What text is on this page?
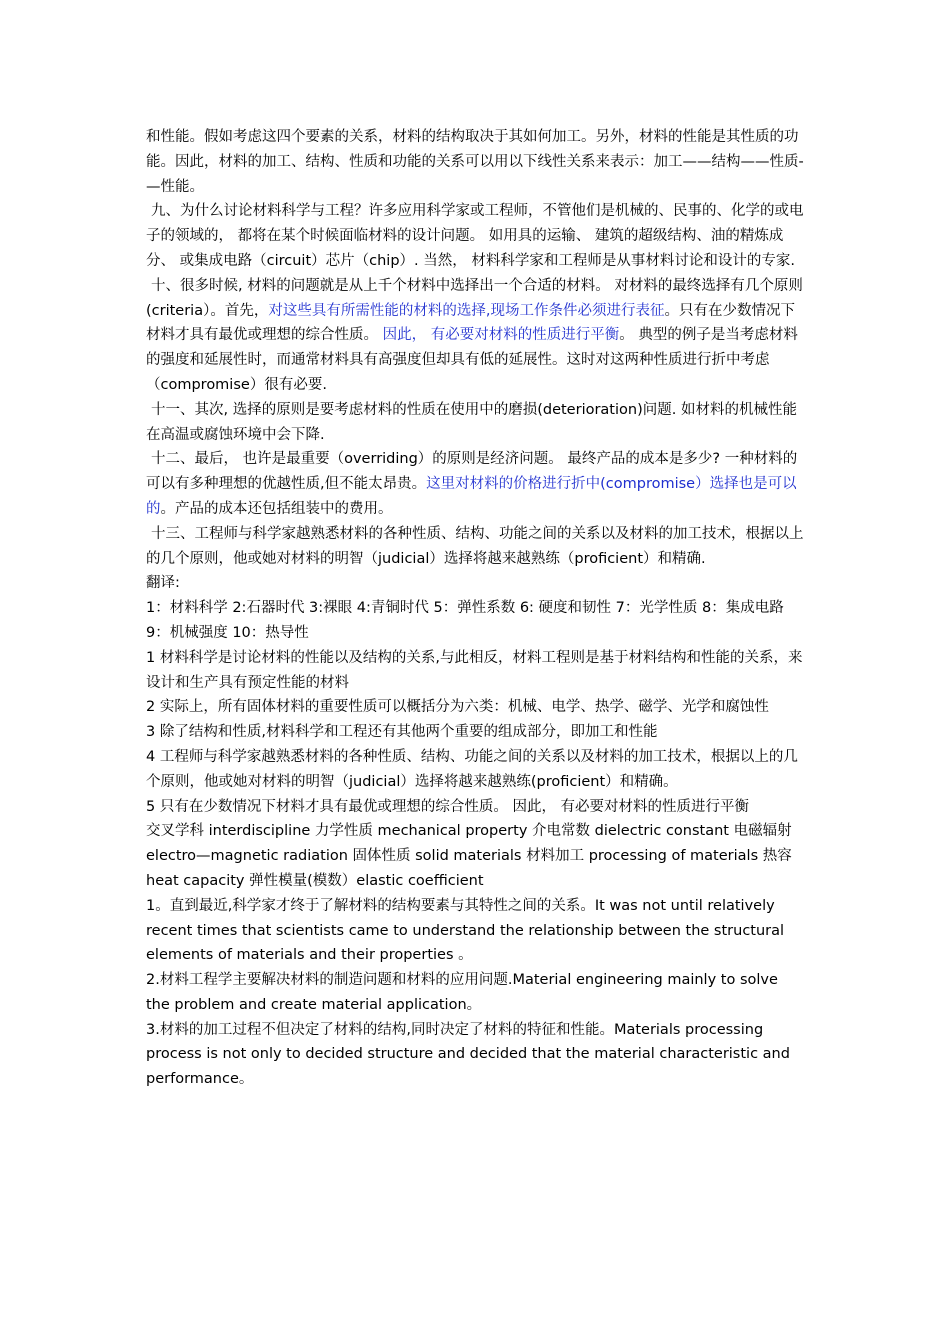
和性能。假如考虑这四个要素的关系，材料的结构取决于其如何加工。另外，材料的性能是其性质的功能。因此，材料的加工、结构、性质和功能的关系可以用以下线性关系来表示：加工——结构——性质-—性能。

九、为什么讨论材料科学与工程？许多应用科学家或工程师，不管他们是机械的、民事的、化学的或电子的领域的， 都将在某个时候面临材料的设计问题。 如用具的运输、 建筑的超级结构、油的精炼成分、 或集成电路（circuit）芯片（chip）. 当然， 材料科学家和工程师是从事材料讨论和设计的专家.

十、很多时候, 材料的问题就是从上千个材料中选择出一个合适的材料。 对材料的最终选择有几个原则(criteria）。首先，对这些具有所需性能的材料的选择,现场工作条件必须进行表征。只有在少数情况下材料才具有最优或理想的综合性质。 因此， 有必要对材料的性质进行平衡。 典型的例子是当考虑材料的强度和延展性时，而通常材料具有高强度但却具有低的延展性。这时对这两种性质进行折中考虑（compromise）很有必要.

十一、其次, 选择的原则是要考虑材料的性质在使用中的磨损(deterioration)问题. 如材料的机械性能在高温或腐蚀环境中会下降.

十二、最后， 也许是最重要（overriding）的原则是经济问题。 最终产品的成本是多少? 一种材料的可以有多种理想的优越性质,但不能太昂贵。这里对材料的价格进行折中(compromise）选择也是可以的。产品的成本还包括组装中的费用。

十三、工程师与科学家越熟悉材料的各种性质、结构、功能之间的关系以及材料的加工技术，根据以上的几个原则，他或她对材料的明智（judicial）选择将越来越熟练（proficient）和精确.

翻译:

1：材料科学 2:石器时代 3:裸眼 4:青铜时代 5：弹性系数 6: 硬度和韧性 7：光学性质 8：集成电路 9：机械强度 10：热导性

1 材料科学是讨论材料的性能以及结构的关系,与此相反，材料工程则是基于材料结构和性能的关系，来设计和生产具有预定性能的材料

2 实际上，所有固体材料的重要性质可以概括分为六类：机械、电学、热学、磁学、光学和腐蚀性

3 除了结构和性质,材料科学和工程还有其他两个重要的组成部分，即加工和性能

4 工程师与科学家越熟悉材料的各种性质、结构、功能之间的关系以及材料的加工技术，根据以上的几个原则，他或她对材料的明智（judicial）选择将越来越熟练(proficient）和精确。

5 只有在少数情况下材料才具有最优或理想的综合性质。 因此， 有必要对材料的性质进行平衡

交叉学科 interdiscipline 力学性质 mechanical property 介电常数 dielectric constant 电磁辐射 electro—magnetic radiation 固体性质 solid materials 材料加工 processing of materials 热容 heat capacity 弹性模量(模数）elastic coefficient

1。直到最近,科学家才终于了解材料的结构要素与其特性之间的关系。It was not until relatively recent times that scientists came to understand the relationship between the structural elements of materials and their properties 。

2.材料工程学主要解决材料的制造问题和材料的应用问题.Material engineering mainly to solve the problem and create material application。

3.材料的加工过程不但决定了材料的结构,同时决定了材料的特征和性能。Materials processing process is not only to decided structure and decided that the material characteristic and performance。
